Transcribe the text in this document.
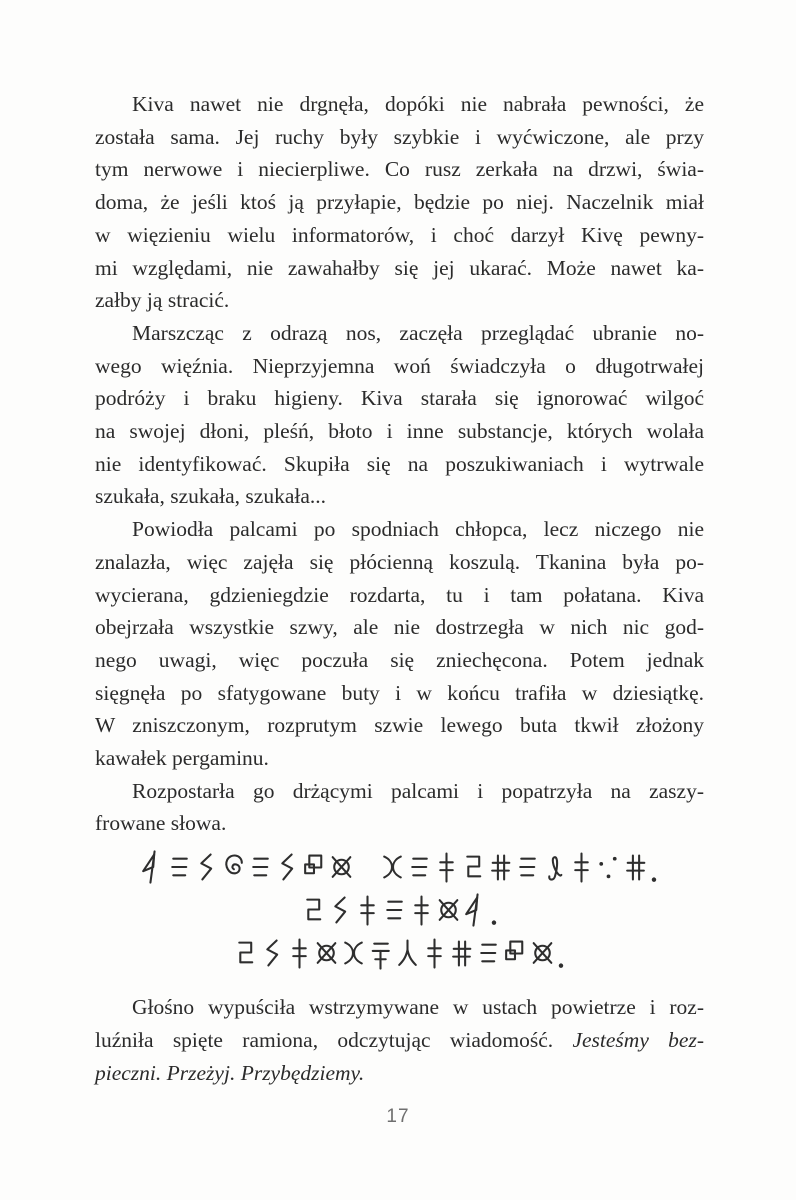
Kiva nawet nie drgnęła, dopóki nie nabrała pewności, że
została sama. Jej ruchy były szybkie i wyćwiczone, ale przy
tym nerwowe i niecierpliwe. Co rusz zerkała na drzwi, świa-
doma, że jeśli ktoś ją przyłapie, będzie po niej. Naczelnik miał
w więzieniu wielu informatorów, i choć darzył Kivę pewny-
mi względami, nie zawahałby się jej ukarać. Może nawet ka-
załby ją stracić.
Marszcząc z odrazą nos, zaczęła przeglądać ubranie no-
wego więźnia. Nieprzyjemna woń świadczyła o długotrwałej
podróży i braku higieny. Kiva starała się ignorować wilgoć
na swojej dłoni, pleśń, błoto i inne substancje, których wolała
nie identyfikować. Skupiła się na poszukiwaniach i wytrwale
szukała, szukała, szukała...
Powiodła palcami po spodniach chłopca, lecz niczego nie
znalazła, więc zajęła się płócienną koszulą. Tkanina była po-
wycierana, gdzieniegdzie rozdarta, tu i tam połatana. Kiva
obejrzała wszystkie szwy, ale nie dostrzegła w nich nic god-
nego uwagi, więc poczuła się zniechęcona. Potem jednak
sięgnęła po sfatygowane buty i w końcu trafiła w dziesiątkę.
W zniszczonym, rozprutym szwie lewego buta tkwił złożony
kawałek pergaminu.
Rozpostarła go drżącymi palcami i popatrzyła na zaszy-
frowane słowa.
Głośno wypuściła wstrzymywane w ustach powietrze i roz-
luźniła spięte ramiona, odczytując wiadomość. Jesteśmy bez-
pieczni. Przeżyj. Przybędziemy.
17
